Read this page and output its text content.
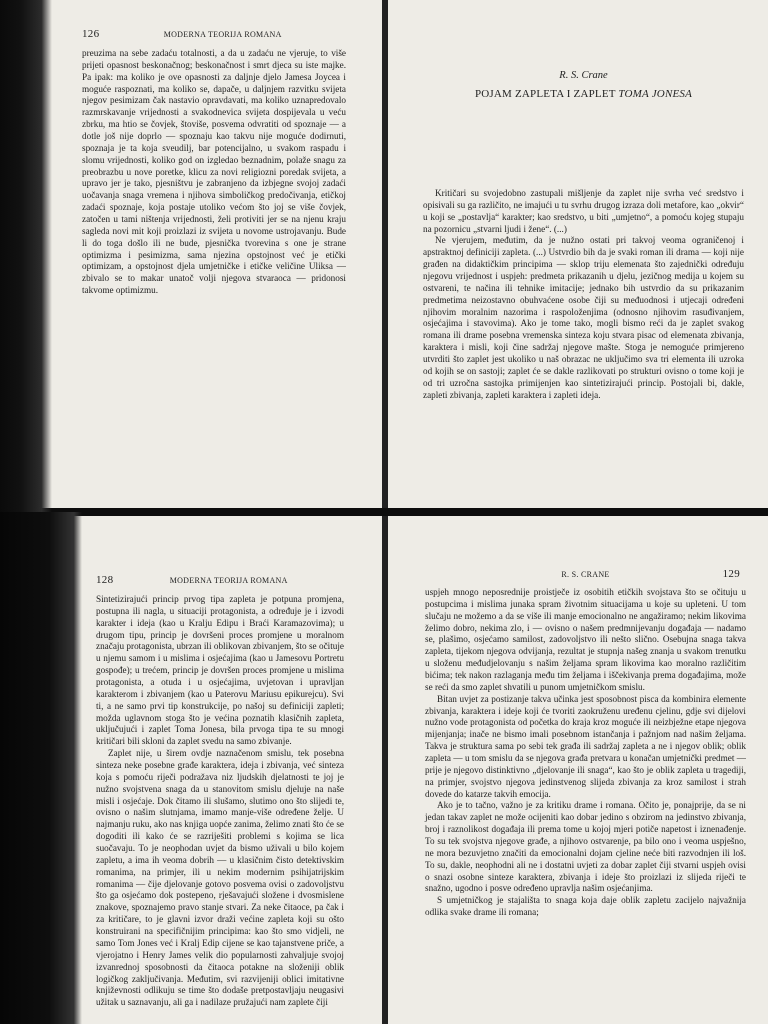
126	MODERNA TEORIJA ROMANA

preuzima na sebe zadaću totalnosti, a da u zadaću ne vjeruje, to više prijeti opasnost beskonačnog; beskonačnost i smrt djeca su iste majke. Pa ipak: ma koliko je ove opasnosti za daljnje djelo Jamesa Joycea i moguće raspoznati, ma koliko se, dapače, u daljnjem razvitku svijeta njegov pesimizam čak nastavio opravdavati, ma koliko uznapredovalo razmrskavanje vrijednosti a svakodnevica svijeta dospijevala u veću zbrku, ma htio se čovjek, štoviše, posvema odvratiti od spoznaje — a dotle još nije doprlo — spoznaju kao takvu nije moguće dodirnuti, spoznaja je ta koja sveudilj, bar potencijalno, u svakom raspadu i slomu vrijednosti, koliko god on izgledao beznadnim, polaže snagu za preobrazbu u nove poretke, klicu za novi religiozni poredak svijeta, a upravo jer je tako, pjesništvu je zabranjeno da izbjegne svojoj zadaći uočavanja snaga vremena i njihova simboličkog predočivanja, etičkoj zadaći spoznaje, koja postaje utoliko većom što joj se više čovjek, zatočen u tami ništenja vrijednosti, želi protiviti jer se na njenu kraju sagleda novi mit koji proizlazi iz svijeta u novome ustrojavanju. Bude li do toga došlo ili ne bude, pjesnička tvorevina s one je strane optimizma i pesimizma, sama njezina opstojnost već je etički optimizam, a opstojnost djela umjetničke i etičke veličine Uliksa — zbivalo se to makar unatoč volji njegova stvaraoca — pridonosi takvome optimizmu.

R. S. Crane
POJAM ZAPLETA I ZAPLET TOMA JONESA

Kritičari su svojedobno zastupali mišljenje da zaplet nije svrha već sredstvo i opisivali su ga različito, ne imajući u tu svrhu drugog izraza doli metafore, kao „okvir“ u koji se „postavlja“ karakter; kao sredstvo, u biti „umjetno“, a pomoću kojeg stupaju na pozornicu „stvarni ljudi i žene“. (...)

Ne vjerujem, međutim, da je nužno ostati pri takvoj veoma ograničenoj i apstraktnoj definiciji zapleta. (...) Ustvrdio bih da je svaki roman ili drama — koji nije građen na didaktičkim principima — sklop triju elemenata što zajednički određuju njegovu vrijednost i uspjeh: predmeta prikazanih u djelu, jezičnog medija u kojem su ostvareni, te načina ili tehnike imitacije; jednako bih ustvrdio da su prikazanim predmetima neizostavno obuhvaćene osobe čiji su međuodnosi i utjecaji određeni njihovim moralnim nazorima i raspoloženjima (odnosno njihovim rasuđivanjem, osjećajima i stavovima). Ako je tome tako, mogli bismo reći da je zaplet svakog romana ili drame posebna vremenska sinteza koju stvara pisac od elemenata zbivanja, karaktera i misli, koji čine sadržaj njegove mašte. Stoga je nemoguće primjereno utvrditi što zaplet jest ukoliko u naš obrazac ne uključimo sva tri elementa ili uzroka od kojih se on sastoji; zaplet će se dakle razlikovati po strukturi ovisno o tome koji je od tri uzročna sastojka primijenjen kao sintetizirajući princip. Postojali bi, dakle, zapleti zbivanja, zapleti karaktera i zapleti ideja.

128	MODERNA TEORIJA ROMANA

Sintetizirajući princip prvog tipa zapleta je potpuna promjena, postupna ili nagla, u situaciji protagonista, a određuje je i izvodi karakter i ideja (kao u Kralju Edipu i Braći Karamazovima); u drugom tipu, princip je dovršeni proces promjene u moralnom značaju protagonista, ubrzan ili oblikovan zbivanjem, što se očituje u njemu samom i u mislima i osjećajima (kao u Jamesovu Portretu gospođe); u trećem, princip je dovršen proces promjene u mislima protagonista, a otuda i u osjećajima, uvjetovan i upravljan karakterom i zbivanjem (kao u Paterovu Mariusu epikurejcu). Svi ti, a ne samo prvi tip konstrukcije, po našoj su definiciji zapleti; možda uglavnom stoga što je većina poznatih klasičnih zapleta, uključujući i zaplet Toma Jonesa, bila prvoga tipa te su mnogi kritičari bili skloni da zaplet svedu na samo zbivanje.

Zaplet nije, u širem ovdje naznačenom smislu, tek posebna sinteza neke posebne građe karaktera, ideja i zbivanja, već sinteza koja s pomoću riječi podražava niz ljudskih djelatnosti te joj je nužno svojstvena snaga da u stanovitom smislu djeluje na naše misli i osjećaje. Dok čitamo ili slušamo, slutimo ono što slijedi te, ovisno o našim slutnjama, imamo manje-više određene želje. U najmanju ruku, ako nas knjiga uopće zanima, želimo znati što će se dogoditi ili kako će se razriješiti problemi s kojima se lica suočavaju. To je neophodan uvjet da bismo uživali u bilo kojem zapletu, a ima ih veoma dobrih — u klasičnim čisto detektivskim romanima, na primjer, ili u nekim modernim psihijatrijskim romanima — čije djelovanje gotovo posvema ovisi o zadovoljstvu što ga osjećamo dok postepeno, rješavajući složene i dvosmislene znakove, spoznajemo pravo stanje stvari. Za neke čitaoce, pa čak i za kritičare, to je glavni izvor draži većine zapleta koji su ošto konstruirani na specifičnijim principima: kao što smo vidjeli, ne samo Tom Jones već i Kralj Edip cijene se kao tajanstvene priče, a vjerojatno i Henry James velik dio popularnosti zahvaljuje svojoj izvanrednoj sposobnosti da čitaoca potakne na složeniji oblik logičkog zaključivanja. Međutim, svi razvijeniji oblici imitativne književnosti odlikuju se time što dodaše pretpostavljaju neugasivi užitak u saznavanju, ali ga i nadilaze pružajući nam zaplete čiji

R. S. CRANE	129

uspjeh mnogo neposrednije proistječe iz osobitih etičkih svojstava što se očituju u postupcima i mislima junaka spram životnim situacijama u koje su upleteni. U tom slučaju ne možemo a da se više ili manje emocionalno ne angažiramo; nekim likovima želimo dobro, nekima zlo, i — ovisno o našem predmnijevanju događaja — nadamo se, plašimo, osjećamo samilost, zadovoljstvo ili nešto slično. Osebujna snaga takva zapleta, tijekom njegova odvijanja, rezultat je stupnja našeg znanja u svakom trenutku u složenu međudjelovanju s našim željama spram likovima kao moralno različitim bićima; tek nakon razlaganja među tim željama i iščekivanja prema događajima, može se reći da smo zaplet shvatili u punom umjetničkom smislu.

Bitan uvjet za postizanje takva učinka jest sposobnost pisca da kombinira elemente zbivanja, karaktera i ideje koji će tvoriti zaokruženu uređenu cjelinu, gdje svi dijelovi nužno vode protagonista od početka do kraja kroz moguće ili neizbježne etape njegova mijenjanja; inače ne bismo imali posebnom istančanja i pažnjom nad našim željama. Takva je struktura sama po sebi tek građa ili sadržaj zapleta a ne i njegov oblik; oblik zapleta — u tom smislu da se njegova građa pretvara u konačan umjetnički predmet — prije je njegovo distinktivno „djelovanje ili snaga“, kao što je oblik zapleta u tragediji, na primjer, svojstvo njegova jedinstvenog slijeda zbivanja za kroz samilost i strah dovede do katarze takvih emocija.

Ako je to tačno, važno je za kritiku drame i romana. Očito je, ponajprije, da se ni jedan takav zaplet ne može ocijeniti kao dobar jedino s obzirom na jedinstvo zbivanja, broj i raznolikost događaja ili prema tome u kojoj mjeri potiče napetost i iznenađenje. To su tek svojstva njegove građe, a njihovo ostvarenje, pa bilo ono i veoma uspješno, ne mora bezuvjetno značiti da emocionalni dojam cjeline neće biti razvodnjen ili loš. To su, dakle, neophodni ali ne i dostatni uvjeti za dobar zaplet čiji stvarni uspjeh ovisi o snazi osobne sinteze karaktera, zbivanja i ideje što proizlazi iz slijeda riječi te snažno, ugodno i posve određeno upravlja našim osjećanjima.

S umjetničkog je stajališta to snaga koja daje oblik zapletu zacijelo najvažnija odlika svake drame ili romana;
